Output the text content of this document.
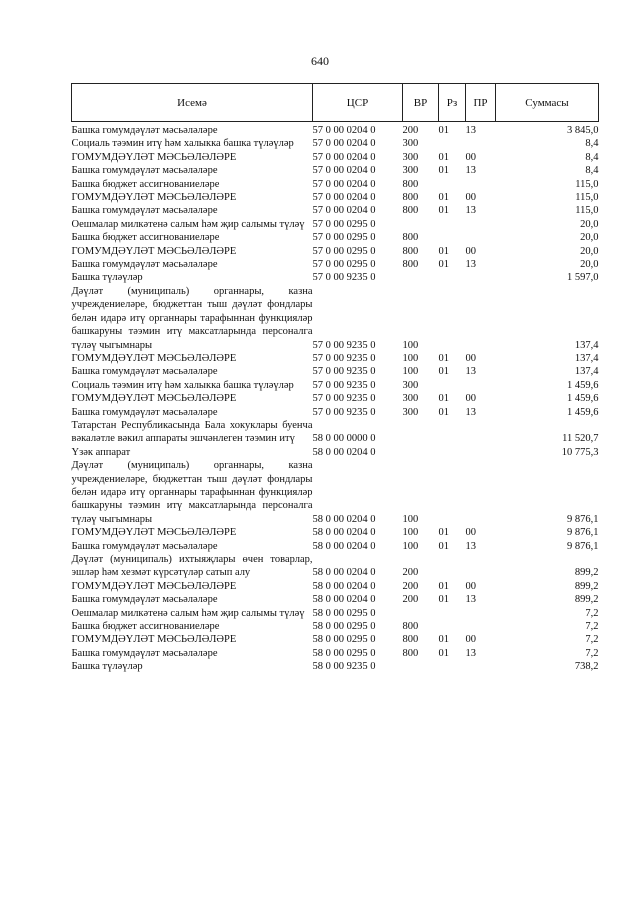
640
Исемә	ЦСР	ВР	Рз	ПР	Суммасы
Башка гомумдәүләт мәсьәләләре	57 0 00 0204 0	200	01	13	3 845,0
Социаль тәэмин итү һәм халыкка башка түләүләр	57 0 00 0204 0	300			8,4
ГОМУМДӘҮЛӘТ МӘСЬӘЛӘЛӘРЕ	57 0 00 0204 0	300	01	00	8,4
Башка гомумдәүләт мәсьәләләре	57 0 00 0204 0	300	01	13	8,4
Башка бюджет ассигнованиеләре	57 0 00 0204 0	800			115,0
ГОМУМДӘҮЛӘТ МӘСЬӘЛӘЛӘРЕ	57 0 00 0204 0	800	01	00	115,0
Башка гомумдәүләт мәсьәләләре	57 0 00 0204 0	800	01	13	115,0
Оешмалар милкәтенә салым һәм җир салымы түләү	57 0 00 0295 0				20,0
Башка бюджет ассигнованиеләре	57 0 00 0295 0	800			20,0
ГОМУМДӘҮЛӘТ МӘСЬӘЛӘЛӘРЕ	57 0 00 0295 0	800	01	00	20,0
Башка гомумдәүләт мәсьәләләре	57 0 00 0295 0	800	01	13	20,0
Башка түләүләр	57 0 00 9235 0				1 597,0
Дәүләт (муниципаль) органнары, казна учреждениеләре, бюджеттан тыш дәүләт фондлары белән идарә итү органнары тарафыннан функцияләр башкаруны тәэмин итү максатларында персоналга түләү чыгымнары	57 0 00 9235 0	100			137,4
ГОМУМДӘҮЛӘТ МӘСЬӘЛӘЛӘРЕ	57 0 00 9235 0	100	01	00	137,4
Башка гомумдәүләт мәсьәләләре	57 0 00 9235 0	100	01	13	137,4
Социаль тәэмин итү һәм халыкка башка түләүләр	57 0 00 9235 0	300			1 459,6
ГОМУМДӘҮЛӘТ МӘСЬӘЛӘЛӘРЕ	57 0 00 9235 0	300	01	00	1 459,6
Башка гомумдәүләт мәсьәләләре	57 0 00 9235 0	300	01	13	1 459,6
Татарстан Республикасында Бала хокуклары буенча вәкаләтле вәкил аппараты эшчәнлеген тәэмин итү	58 0 00 0000 0				11 520,7
Үзәк аппарат	58 0 00 0204 0				10 775,3
Дәүләт (муниципаль) органнары, казна учреждениеләре, бюджеттан тыш дәүләт фондлары белән идарә итү органнары тарафыннан функцияләр башкаруны тәэмин итү максатларында персоналга түләү чыгымнары	58 0 00 0204 0	100			9 876,1
ГОМУМДӘҮЛӘТ МӘСЬӘЛӘЛӘРЕ	58 0 00 0204 0	100	01	00	9 876,1
Башка гомумдәүләт мәсьәләләре	58 0 00 0204 0	100	01	13	9 876,1
Дәүләт (муниципаль) ихтыяҗлары өчен товарлар, эшләр һәм хезмәт күрсәтүләр сатып алу	58 0 00 0204 0	200			899,2
ГОМУМДӘҮЛӘТ МӘСЬӘЛӘЛӘРЕ	58 0 00 0204 0	200	01	00	899,2
Башка гомумдәүләт мәсьәләләре	58 0 00 0204 0	200	01	13	899,2
Оешмалар милкәтенә салым һәм җир салымы түләү	58 0 00 0295 0				7,2
Башка бюджет ассигнованиеләре	58 0 00 0295 0	800			7,2
ГОМУМДӘҮЛӘТ МӘСЬӘЛӘЛӘРЕ	58 0 00 0295 0	800	01	00	7,2
Башка гомумдәүләт мәсьәләләре	58 0 00 0295 0	800	01	13	7,2
Башка түләүләр	58 0 00 9235 0				738,2
